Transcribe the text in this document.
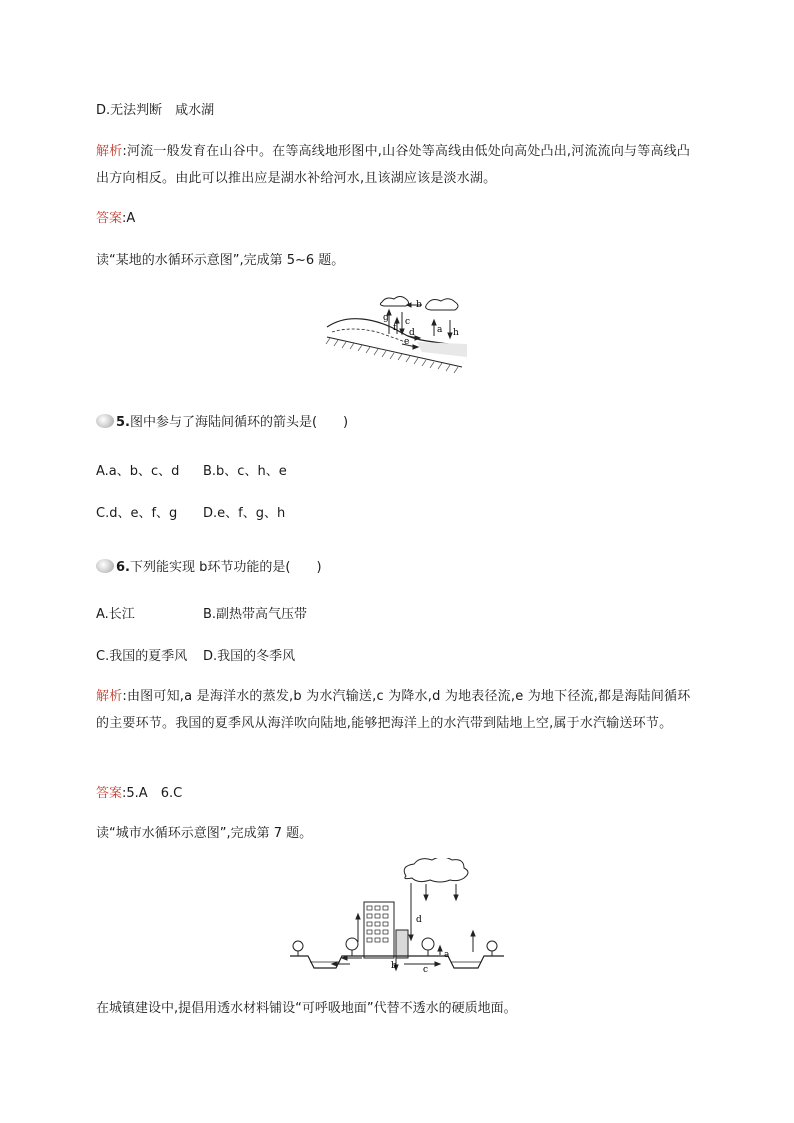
D.无法判断　咸水湖
解析:河流一般发育在山谷中。在等高线地形图中,山谷处等高线由低处向高处凸出,河流流向与等高线凸出方向相反。由此可以推出应是湖水补给河水,且该湖应该是淡水湖。
答案:A
读“某地的水循环示意图”,完成第 5~6 题。
b
g c
f d
e
a h
5.图中参与了海陆间循环的箭头是(　　)
A.a、b、c、d B.b、c、h、e
C.d、e、f、g D.e、f、g、h
6.下列能实现 b环节功能的是(　　)
A.长江	B.副热带高气压带
C.我国的夏季风 D.我国的冬季风
解析:由图可知,a 是海洋水的蒸发,b 为水汽输送,c 为降水,d 为地表径流,e 为地下径流,都是海陆间循环的主要环节。我国的夏季风从海洋吹向陆地,能够把海洋上的水汽带到陆地上空,属于水汽输送环节。
答案:5.A　6.C
读“城市水循环示意图”,完成第 7 题。
d
a
b	c
在城镇建设中,提倡用透水材料铺设“可呼吸地面”代替不透水的硬质地面。
